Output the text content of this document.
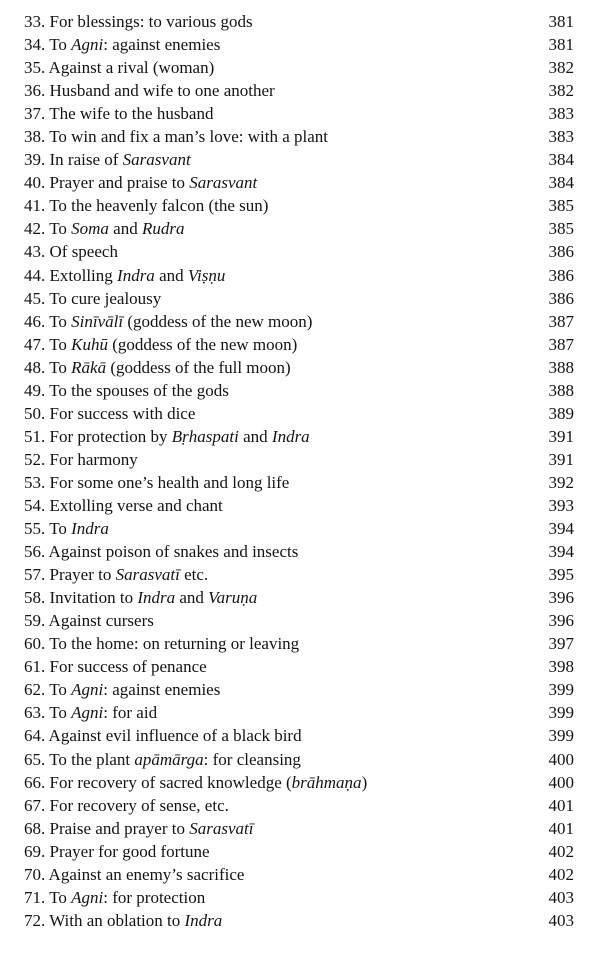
33. For blessings: to various gods	381
34. To Agni: against enemies	381
35. Against a rival (woman)	382
36. Husband and wife to one another	382
37. The wife to the husband	383
38. To win and fix a man’s love: with a plant	383
39. In raise of Sarasvant	384
40. Prayer and praise to Sarasvant	384
41. To the heavenly falcon (the sun)	385
42. To Soma and Rudra	385
43. Of speech	386
44. Extolling Indra and Viṣṇu	386
45. To cure jealousy	386
46. To Sinīvālī (goddess of the new moon)	387
47. To Kuhū (goddess of the new moon)	387
48. To Rākā (goddess of the full moon)	388
49. To the spouses of the gods	388
50. For success with dice	389
51. For protection by Bṛhaspati and Indra	391
52. For harmony	391
53. For some one’s health and long life	392
54. Extolling verse and chant	393
55. To Indra	394
56. Against poison of snakes and insects	394
57. Prayer to Sarasvatī etc.	395
58. Invitation to Indra and Varuṇa	396
59. Against cursers	396
60. To the home: on returning or leaving	397
61. For success of penance	398
62. To Agni: against enemies	399
63. To Agni: for aid	399
64. Against evil influence of a black bird	399
65. To the plant apāmārga: for cleansing	400
66. For recovery of sacred knowledge (brāhmaṇa)	400
67. For recovery of sense, etc.	401
68. Praise and prayer to Sarasvatī	401
69. Prayer for good fortune	402
70. Against an enemy’s sacrifice	402
71. To Agni: for protection	403
72. With an oblation to Indra	403
